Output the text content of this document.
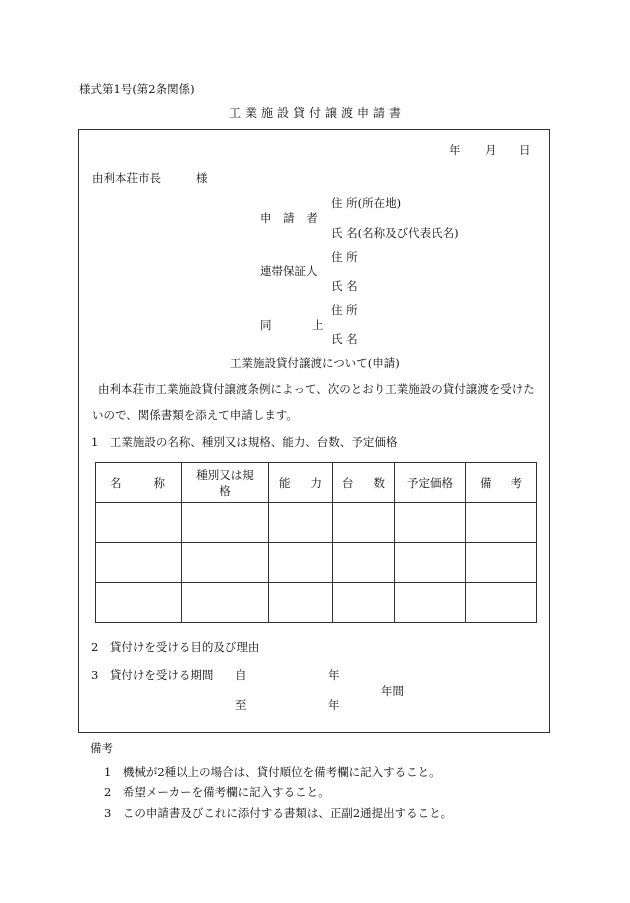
様式第1号(第2条関係)
工業施設貸付譲渡申請書
年 月 日
由利本荘市長	様
申 請 者
住 所(所在地)
氏 名(名称及び代表氏名)
連帯保証人
住 所
氏 名
同	上
住 所
氏 名
工業施設貸付譲渡について(申請)
由利本荘市工業施設貸付譲渡条例によって、次のとおり工業施設の貸付譲渡を受けた
いので、関係書類を添えて申請します。
1　工業施設の名称、種別又は規格、能力、台数、予定価格
名 称	種別又は規格	能 力	台 数	予定価格	備 考

2　貸付けを受ける目的及び理由
3　貸付けを受ける期間 自	年
年間
至	年
備考
1　機械が2種以上の場合は、貸付順位を備考欄に記入すること。
2　希望メーカーを備考欄に記入すること。
3　この申請書及びこれに添付する書類は、正副2通提出すること。
